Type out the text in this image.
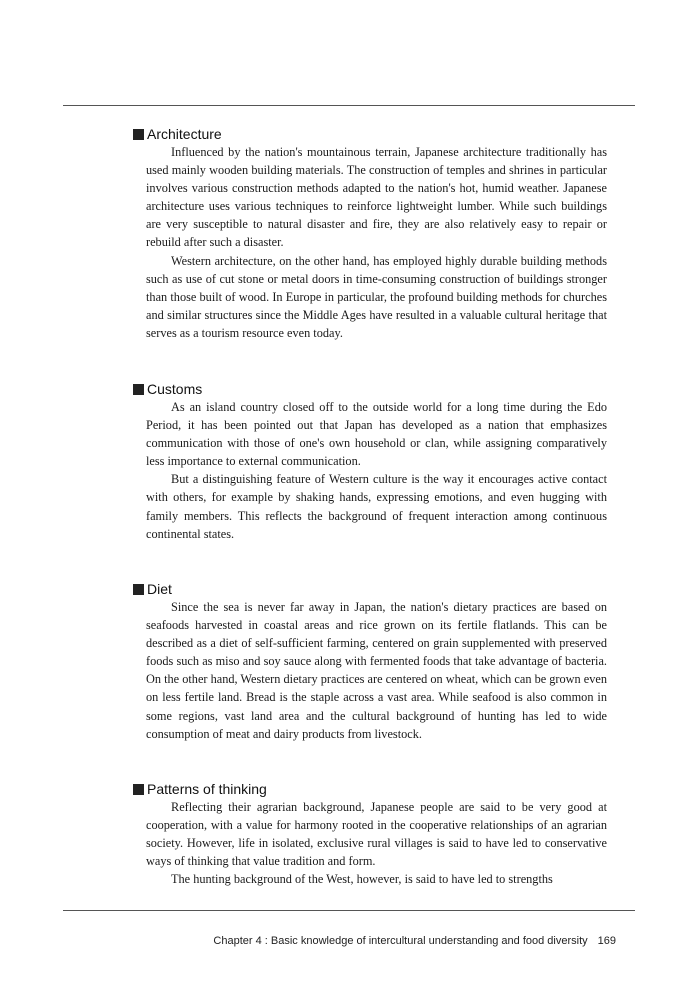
Architecture

Influenced by the nation's mountainous terrain, Japanese architecture traditionally has used mainly wooden building materials. The construction of temples and shrines in particular involves various construction methods adapted to the nation's hot, humid weather. Japanese architecture uses various techniques to reinforce lightweight lumber. While such buildings are very susceptible to natural disaster and fire, they are also relatively easy to repair or rebuild after such a disaster.

Western architecture, on the other hand, has employed highly durable building methods such as use of cut stone or metal doors in time-consuming construction of buildings stronger than those built of wood. In Europe in particular, the profound building methods for churches and similar structures since the Middle Ages have resulted in a valuable cultural heritage that serves as a tourism resource even today.

Customs

As an island country closed off to the outside world for a long time during the Edo Period, it has been pointed out that Japan has developed as a nation that emphasizes communication with those of one's own household or clan, while assigning comparatively less importance to external communication.

But a distinguishing feature of Western culture is the way it encourages active contact with others, for example by shaking hands, expressing emotions, and even hugging with family members. This reflects the background of frequent interaction among continuous continental states.

Diet

Since the sea is never far away in Japan, the nation's dietary practices are based on seafoods harvested in coastal areas and rice grown on its fertile flatlands. This can be described as a diet of self-sufficient farming, centered on grain supplemented with preserved foods such as miso and soy sauce along with fermented foods that take advantage of bacteria. On the other hand, Western dietary practices are centered on wheat, which can be grown even on less fertile land. Bread is the staple across a vast area. While seafood is also common in some regions, vast land area and the cultural background of hunting has led to wide consumption of meat and dairy products from livestock.

Patterns of thinking

Reflecting their agrarian background, Japanese people are said to be very good at cooperation, with a value for harmony rooted in the cooperative relationships of an agrarian society. However, life in isolated, exclusive rural villages is said to have led to conservative ways of thinking that value tradition and form.

The hunting background of the West, however, is said to have led to strengths

Chapter 4 : Basic knowledge of intercultural understanding and food diversity 169
